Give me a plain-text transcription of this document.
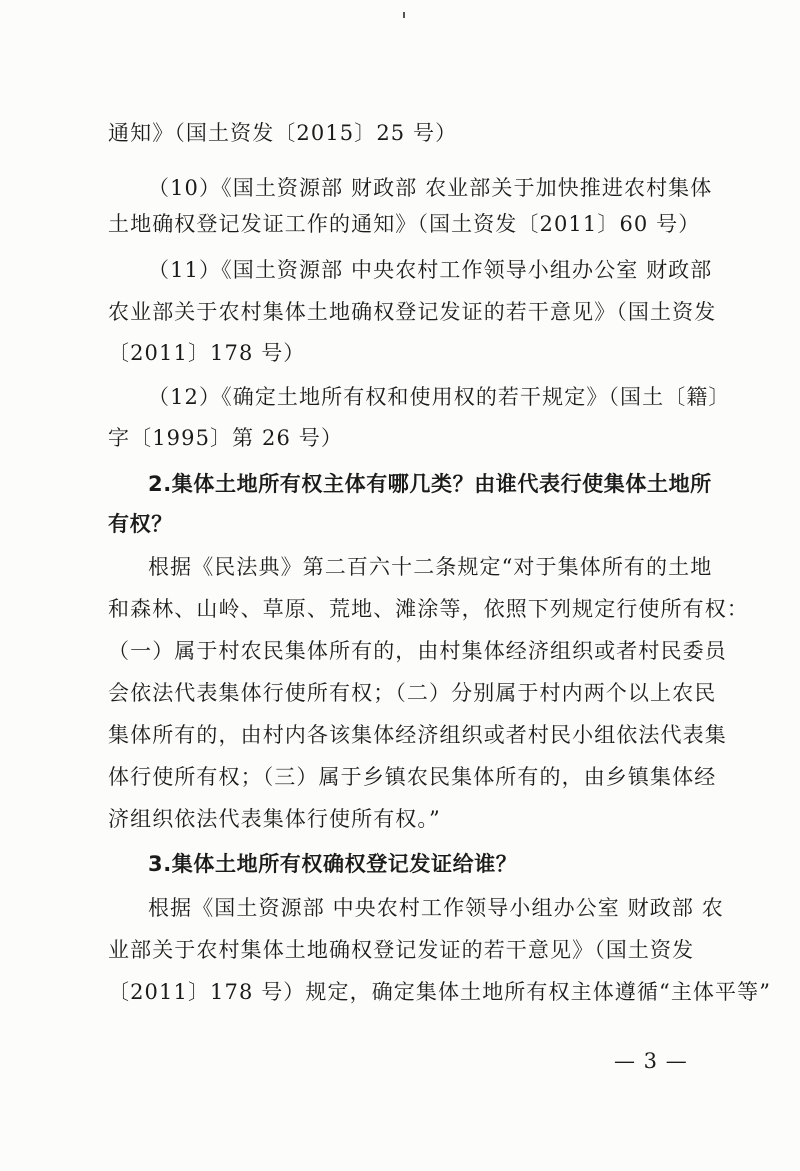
通知》（国土资发〔2015〕25 号）
（10）《国土资源部 财政部 农业部关于加快推进农村集体
土地确权登记发证工作的通知》（国土资发〔2011〕60 号）
（11）《国土资源部 中央农村工作领导小组办公室 财政部
农业部关于农村集体土地确权登记发证的若干意见》（国土资发
〔2011〕178 号）
（12）《确定土地所有权和使用权的若干规定》（国土〔籍〕
字〔1995〕第 26 号）
2.集体土地所有权主体有哪几类？由谁代表行使集体土地所
有权？
根据《民法典》第二百六十二条规定“对于集体所有的土地
和森林、山岭、草原、荒地、滩涂等，依照下列规定行使所有权：
（一）属于村农民集体所有的，由村集体经济组织或者村民委员
会依法代表集体行使所有权；（二）分别属于村内两个以上农民
集体所有的，由村内各该集体经济组织或者村民小组依法代表集
体行使所有权；（三）属于乡镇农民集体所有的，由乡镇集体经
济组织依法代表集体行使所有权。”
3.集体土地所有权确权登记发证给谁？
根据《国土资源部 中央农村工作领导小组办公室 财政部 农
业部关于农村集体土地确权登记发证的若干意见》（国土资发
〔2011〕178 号）规定，确定集体土地所有权主体遵循“主体平等”
— 3 —
